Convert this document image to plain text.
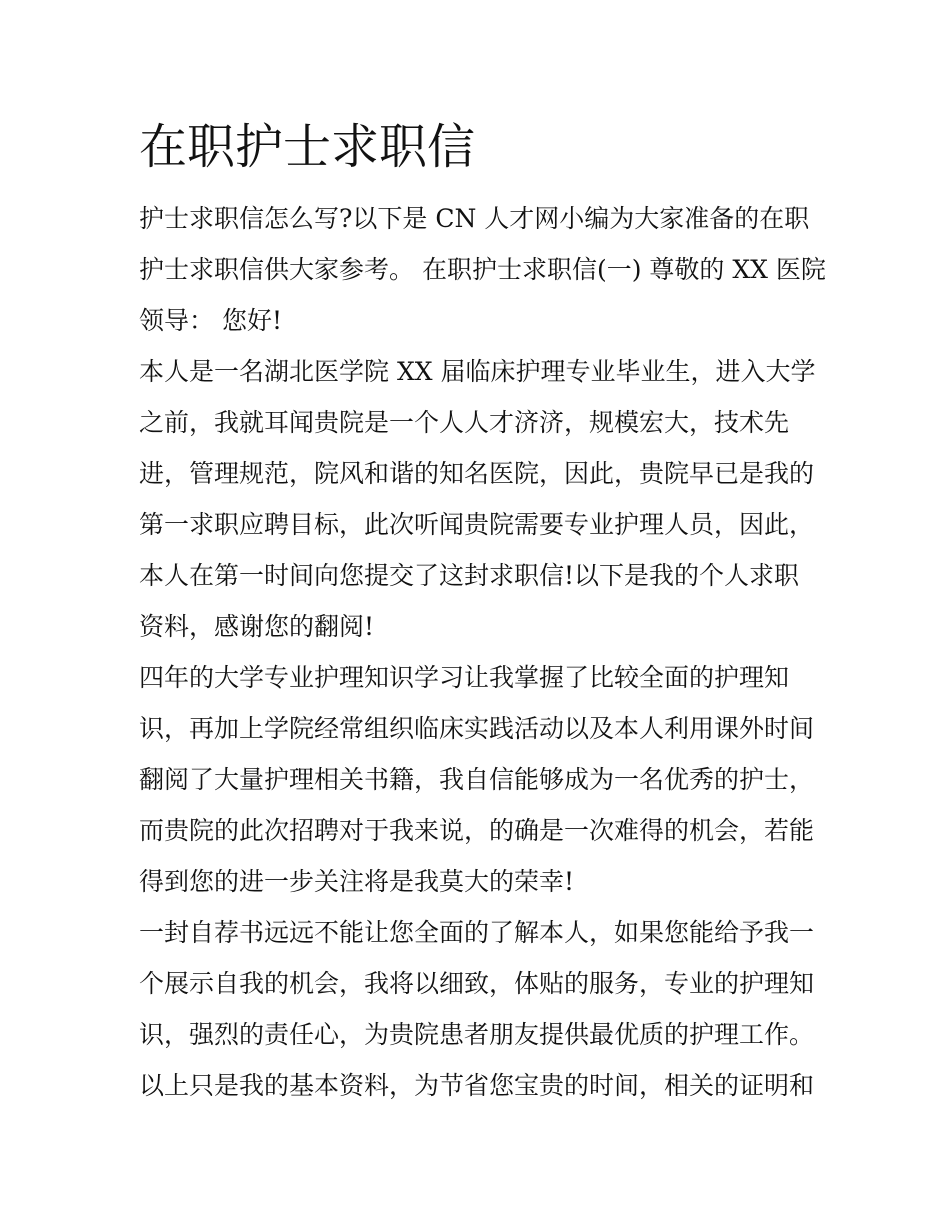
在职护士求职信

护士求职信怎么写?以下是 CN 人才网小编为大家准备的在职

护士求职信供大家参考。 在职护士求职信(一) 尊敬的 XX 医院

领导： 您好!

本人是一名湖北医学院 XX 届临床护理专业毕业生，进入大学

之前，我就耳闻贵院是一个人人才济济，规模宏大，技术先

进，管理规范，院风和谐的知名医院，因此，贵院早已是我的

第一求职应聘目标，此次听闻贵院需要专业护理人员，因此，

本人在第一时间向您提交了这封求职信!以下是我的个人求职

资料，感谢您的翻阅!

四年的大学专业护理知识学习让我掌握了比较全面的护理知

识，再加上学院经常组织临床实践活动以及本人利用课外时间

翻阅了大量护理相关书籍，我自信能够成为一名优秀的护士，

而贵院的此次招聘对于我来说，的确是一次难得的机会，若能

得到您的进一步关注将是我莫大的荣幸!

一封自荐书远远不能让您全面的了解本人，如果您能给予我一

个展示自我的机会，我将以细致，体贴的服务，专业的护理知

识，强烈的责任心，为贵院患者朋友提供最优质的护理工作。

以上只是我的基本资料，为节省您宝贵的时间，相关的证明和
